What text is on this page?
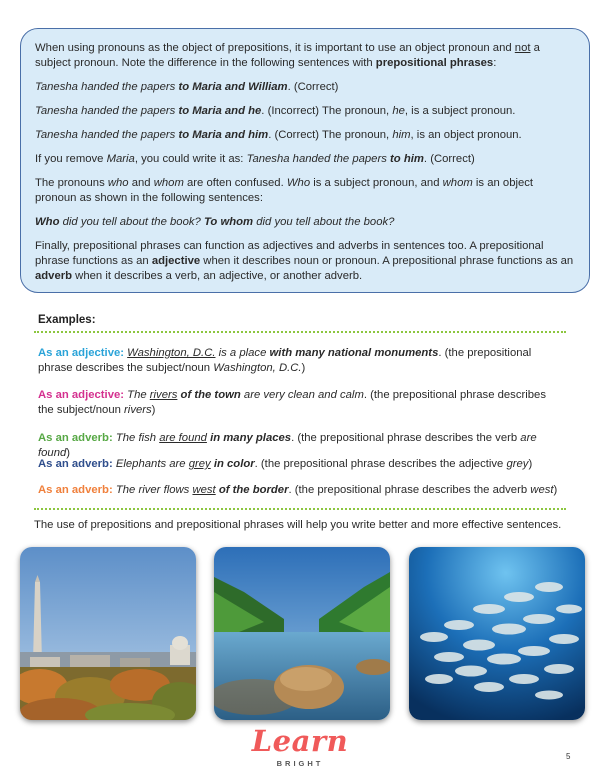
When using pronouns as the object of prepositions, it is important to use an object pronoun and not a subject pronoun. Note the difference in the following sentences with prepositional phrases:

Tanesha handed the papers to Maria and William. (Correct)

Tanesha handed the papers to Maria and he. (Incorrect) The pronoun, he, is a subject pronoun.

Tanesha handed the papers to Maria and him. (Correct) The pronoun, him, is an object pronoun.

If you remove Maria, you could write it as: Tanesha handed the papers to him. (Correct)

The pronouns who and whom are often confused. Who is a subject pronoun, and whom is an object pronoun as shown in the following sentences:

Who did you tell about the book? To whom did you tell about the book?

Finally, prepositional phrases can function as adjectives and adverbs in sentences too. A prepositional phrase functions as an adjective when it describes noun or pronoun. A prepositional phrase functions as an adverb when it describes a verb, an adjective, or another adverb.

Examples:
As an adjective: Washington, D.C. is a place with many national monuments. (the prepositional phrase describes the subject/noun Washington, D.C.)
As an adjective: The rivers of the town are very clean and calm. (the prepositional phrase describes the subject/noun rivers)
As an adverb: The fish are found in many places. (the prepositional phrase describes the verb are found)
As an adverb: Elephants are grey in color. (the prepositional phrase describes the adjective grey)
As an adverb: The river flows west of the border. (the prepositional phrase describes the adverb west)
The use of prepositions and prepositional phrases will help you write better and more effective sentences.
Learn
BRIGHT
5
